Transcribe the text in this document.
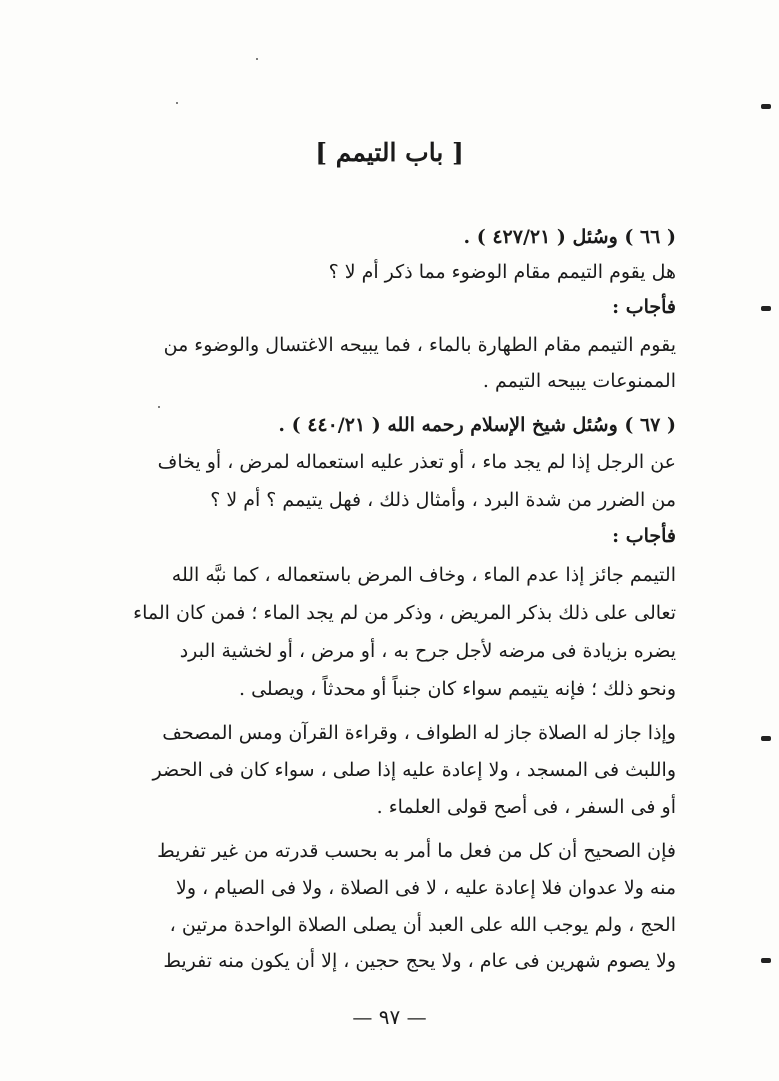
[ باب التيمم ]
( ٦٦ ) وسُئل ( ٤٢٧/٢١ ) .
هل يقوم التيمم مقام الوضوء مما ذكر أم لا ؟
فأجاب :
يقوم التيمم مقام الطهارة بالماء ، فما يبيحه الاغتسال والوضوء من
الممنوعات يبيحه التيمم .
( ٦٧ ) وسُئل شيخ الإسلام رحمه الله ( ٤٤٠/٢١ ) .
عن الرجل إذا لم يجد ماء ، أو تعذر عليه استعماله لمرض ، أو يخاف
من الضرر من شدة البرد ، وأمثال ذلك ، فهل يتيمم ؟ أم لا ؟
فأجاب :
التيمم جائز إذا عدم الماء ، وخاف المرض باستعماله ، كما نبَّه الله
تعالى على ذلك بذكر المريض ، وذكر من لم يجد الماء ؛ فمن كان الماء
يضره بزيادة فى مرضه لأجل جرح به ، أو مرض ، أو لخشية البرد
ونحو ذلك ؛ فإنه يتيمم سواء كان جنباً أو محدثاً ، ويصلى .
وإذا جاز له الصلاة جاز له الطواف ، وقراءة القرآن ومس المصحف
واللبث فى المسجد ، ولا إعادة عليه إذا صلى ، سواء كان فى الحضر
أو فى السفر ، فى أصح قولى العلماء .
فإن الصحيح أن كل من فعل ما أمر به بحسب قدرته من غير تفريط
منه ولا عدوان فلا إعادة عليه ، لا فى الصلاة ، ولا فى الصيام ، ولا
الحج ، ولم يوجب الله على العبد أن يصلى الصلاة الواحدة مرتين ،
ولا يصوم شهرين فى عام ، ولا يحج حجين ، إلا أن يكون منه تفريط
— ٩٧ —
